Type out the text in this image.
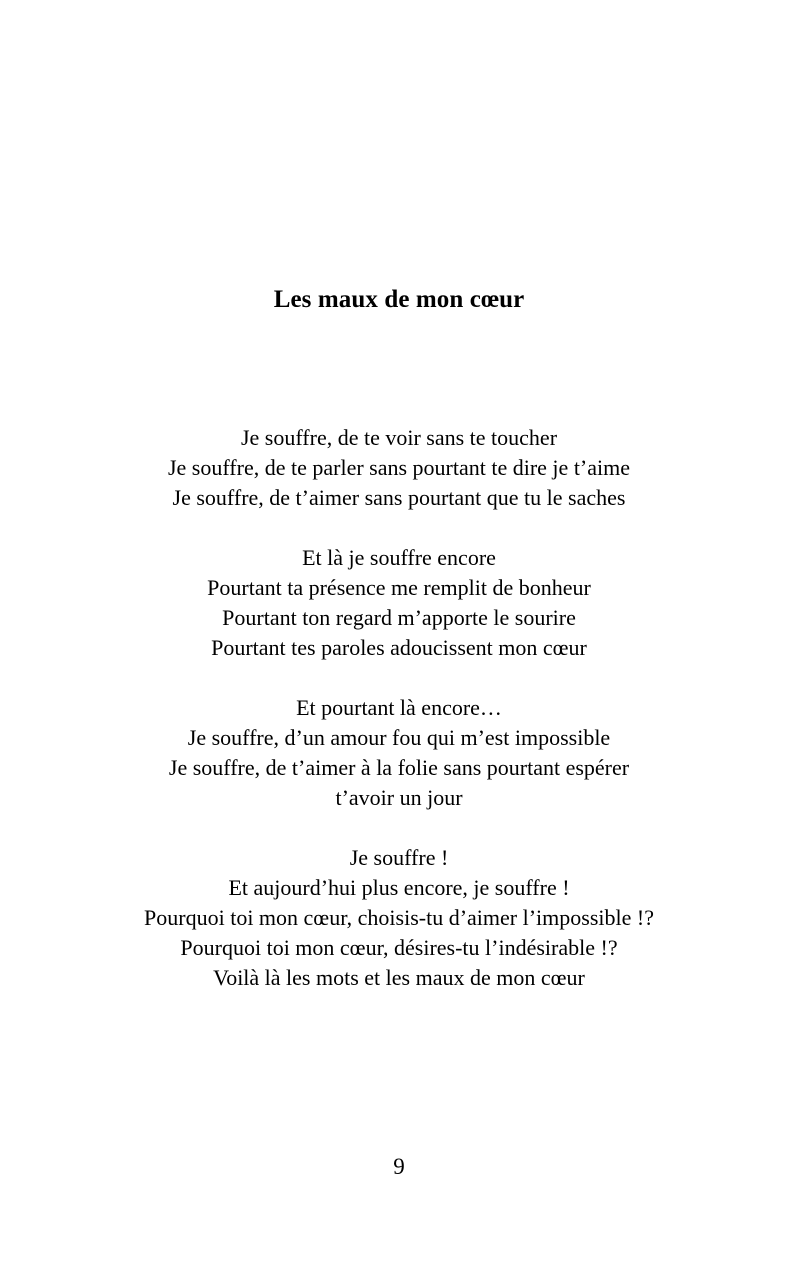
Les maux de mon cœur
Je souffre, de te voir sans te toucher
Je souffre, de te parler sans pourtant te dire je t’aime
Je souffre, de t’aimer sans pourtant que tu le saches
Et là je souffre encore
Pourtant ta présence me remplit de bonheur
Pourtant ton regard m’apporte le sourire
Pourtant tes paroles adoucissent mon cœur
Et pourtant là encore…
Je souffre, d’un amour fou qui m’est impossible
Je souffre, de t’aimer à la folie sans pourtant espérer
t’avoir un jour
Je souffre !
Et aujourd’hui plus encore, je souffre !
Pourquoi toi mon cœur, choisis-tu d’aimer l’impossible !?
Pourquoi toi mon cœur, désires-tu l’indésirable !?
Voilà là les mots et les maux de mon cœur
9
